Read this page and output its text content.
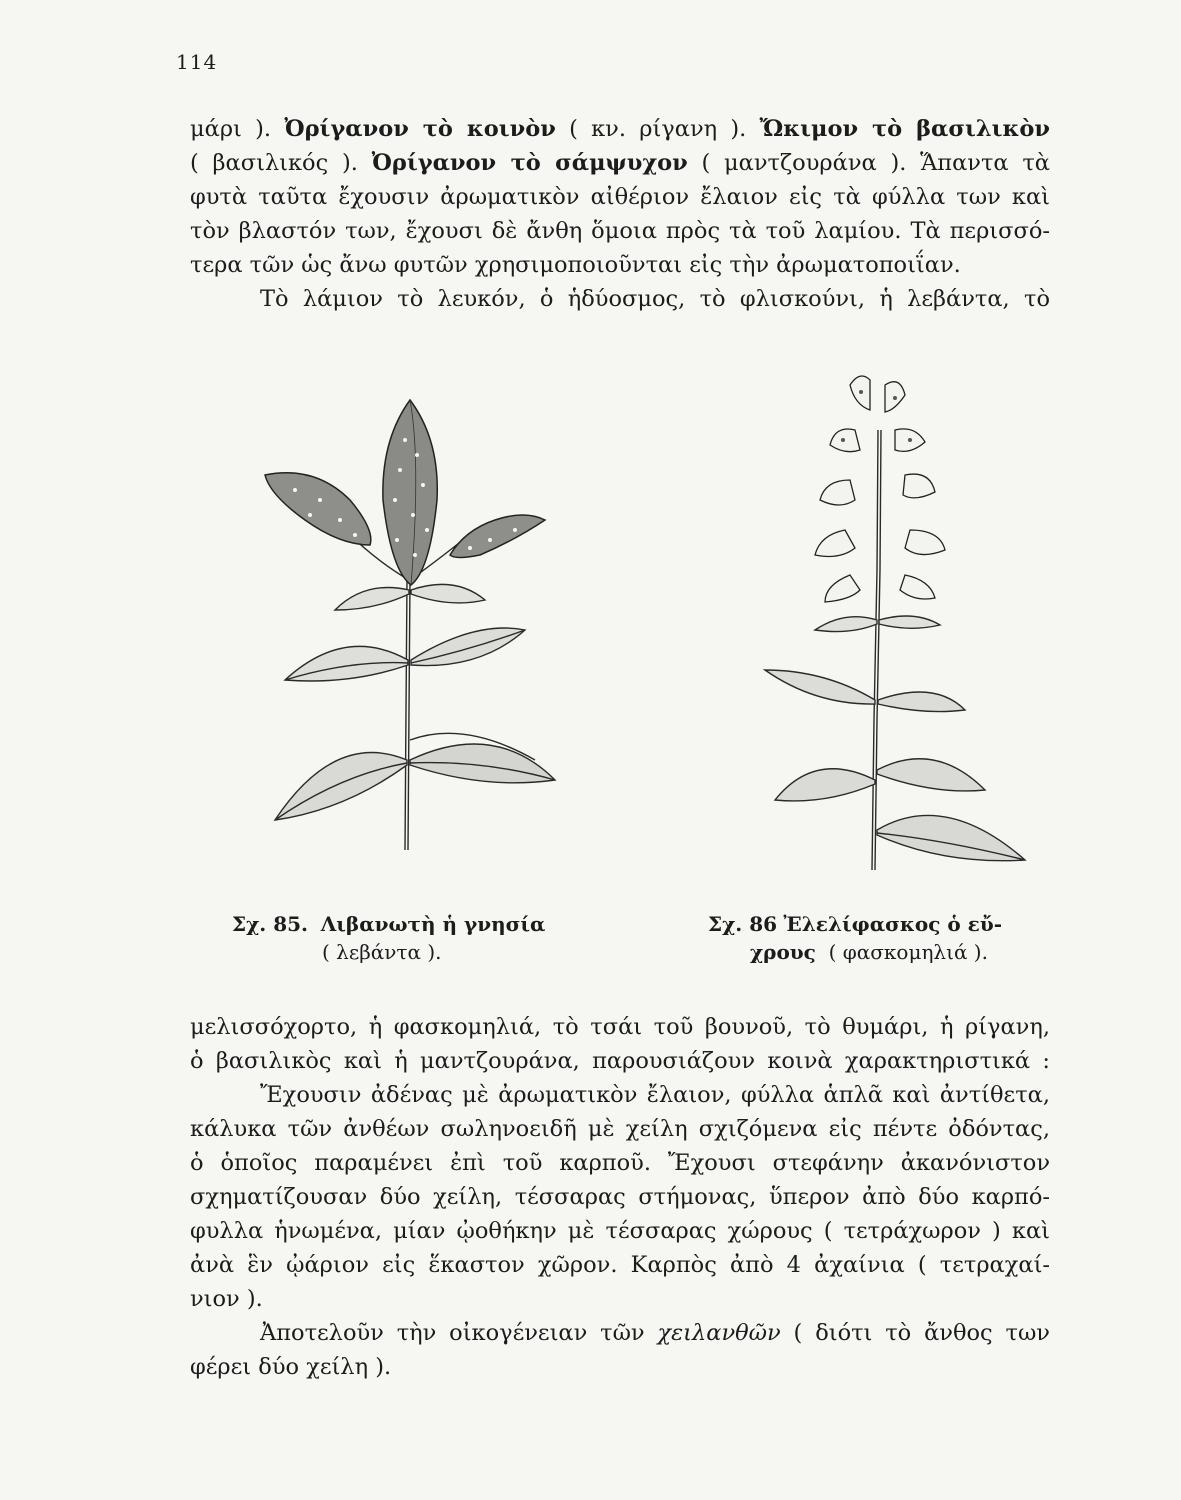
114

μάρι ). Ὀρίγανον τὸ κοινὸν ( κν. ρίγανη ). Ὤκιμον τὸ βασιλικὸν

( βασιλικός ). Ὀρίγανον τὸ σάμψυχον ( μαντζουράνα ). Ἅπαντα τὰ

φυτὰ ταῦτα ἔχουσιν ἀρωματικὸν αἰθέριον ἔλαιον εἰς τὰ φύλλα των καὶ

τὸν βλαστόν των, ἔχουσι δὲ ἄνθη ὅμοια πρὸς τὰ τοῦ λαμίου. Τὰ περισσό-

τερα τῶν ὡς ἄνω φυτῶν χρησιμοποιοῦνται εἰς τὴν ἀρωματοποιΐαν.

Τὸ λάμιον τὸ λευκόν, ὁ ἡδύοσμος, τὸ φλισκούνι, ἡ λεβάντα, τὸ

Σχ. 85. Λιβανωτὴ ἡ γνησία
( λεβάντα ).
Σχ. 86 Ἐλελίφασκος ὁ εὔ-
χρους ( φασκομηλιά ).

μελισσόχορτο, ἡ φασκομηλιά, τὸ τσάι τοῦ βουνοῦ, τὸ θυμάρι, ἡ ρίγανη,

ὁ βασιλικὸς καὶ ἡ μαντζουράνα, παρουσιάζουν κοινὰ χαρακτηριστικά :

Ἔχουσιν ἀδένας μὲ ἀρωματικὸν ἔλαιον, φύλλα ἁπλᾶ καὶ ἀντίθετα,

κάλυκα τῶν ἀνθέων σωληνοειδῆ μὲ χείλη σχιζόμενα εἰς πέντε ὀδόντας,

ὁ ὁποῖος παραμένει ἐπὶ τοῦ καρποῦ. Ἔχουσι στεφάνην ἀκανόνιστον

σχηματίζουσαν δύο χείλη, τέσσαρας στήμονας, ὕπερον ἀπὸ δύο καρπό-

φυλλα ἡνωμένα, μίαν ᾠοθήκην μὲ τέσσαρας χώρους ( τετράχωρον ) καὶ

ἀνὰ ἓν ᾠάριον εἰς ἕκαστον χῶρον. Καρπὸς ἀπὸ 4 ἀχαίνια ( τετραχαί-

νιον ).

Ἀποτελοῦν τὴν οἰκογένειαν τῶν χειλανθῶν ( διότι τὸ ἄνθος των

φέρει δύο χείλη ).
